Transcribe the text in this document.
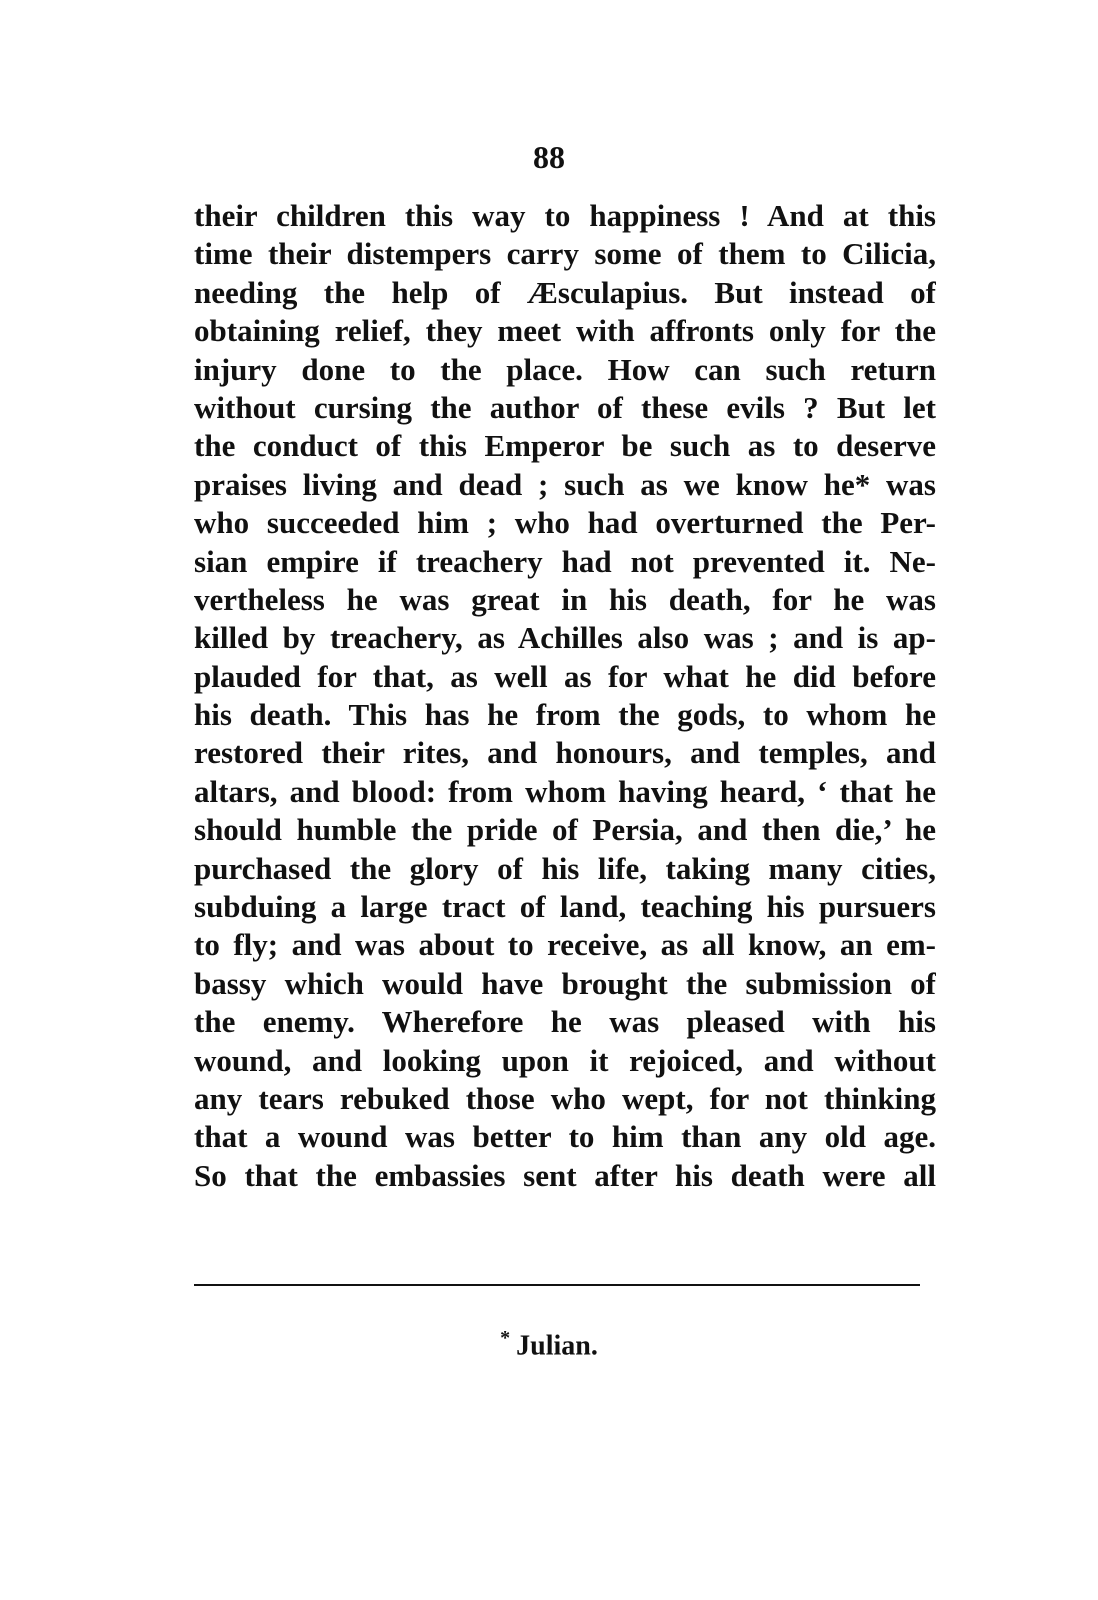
88
their children this way to happiness ! And at this
time their distempers carry some of them to Cilicia,
needing the help of Æsculapius. But instead of
obtaining relief, they meet with affronts only for the
injury done to the place. How can such return
without cursing the author of these evils ? But let
the conduct of this Emperor be such as to deserve
praises living and dead ; such as we know he* was
who succeeded him ; who had overturned the Per-
sian empire if treachery had not prevented it. Ne-
vertheless he was great in his death, for he was
killed by treachery, as Achilles also was ; and is ap-
plauded for that, as well as for what he did before
his death. This has he from the gods, to whom he
restored their rites, and honours, and temples, and
altars, and blood: from whom having heard, ‘ that he
should humble the pride of Persia, and then die,’ he
purchased the glory of his life, taking many cities,
subduing a large tract of land, teaching his pursuers
to fly; and was about to receive, as all know, an em-
bassy which would have brought the submission of
the enemy. Wherefore he was pleased with his
wound, and looking upon it rejoiced, and without
any tears rebuked those who wept, for not thinking
that a wound was better to him than any old age.
So that the embassies sent after his death were all
* Julian.
